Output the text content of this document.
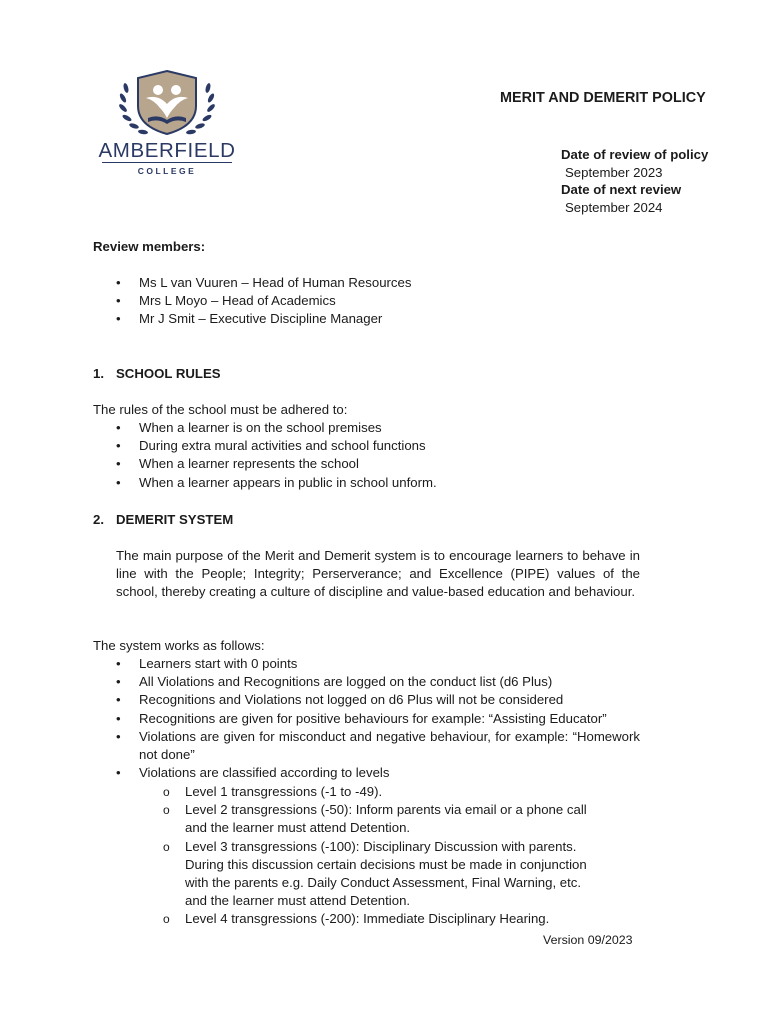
AMBERFIELD
COLLEGE
MERIT AND DEMERIT POLICY
Date of review of policy
September 2023
Date of next review
September 2024
Review members:
• Ms L van Vuuren – Head of Human Resources
• Mrs L Moyo – Head of Academics
• Mr J Smit – Executive Discipline Manager
1. SCHOOL RULES
The rules of the school must be adhered to:
• When a learner is on the school premises
• During extra mural activities and school functions
• When a learner represents the school
• When a learner appears in public in school unform.
2. DEMERIT SYSTEM
The main purpose of the Merit and Demerit system is to encourage learners to behave in line with the People; Integrity; Perserverance; and Excellence (PIPE) values of the school, thereby creating a culture of discipline and value-based education and behaviour.
The system works as follows:
• Learners start with 0 points
• All Violations and Recognitions are logged on the conduct list (d6 Plus)
• Recognitions and Violations not logged on d6 Plus will not be considered
• Recognitions are given for positive behaviours for example: “Assisting Educator”
• Violations are given for misconduct and negative behaviour, for example: “Homework not done”
• Violations are classified according to levels
o Level 1 transgressions (-1 to -49).
o Level 2 transgressions (-50): Inform parents via email or a phone call
and the learner must attend Detention.
o Level 3 transgressions (-100): Disciplinary Discussion with parents.
During this discussion certain decisions must be made in conjunction
with the parents e.g. Daily Conduct Assessment, Final Warning, etc.
and the learner must attend Detention.
o Level 4 transgressions (-200): Immediate Disciplinary Hearing.
Version 09/2023
